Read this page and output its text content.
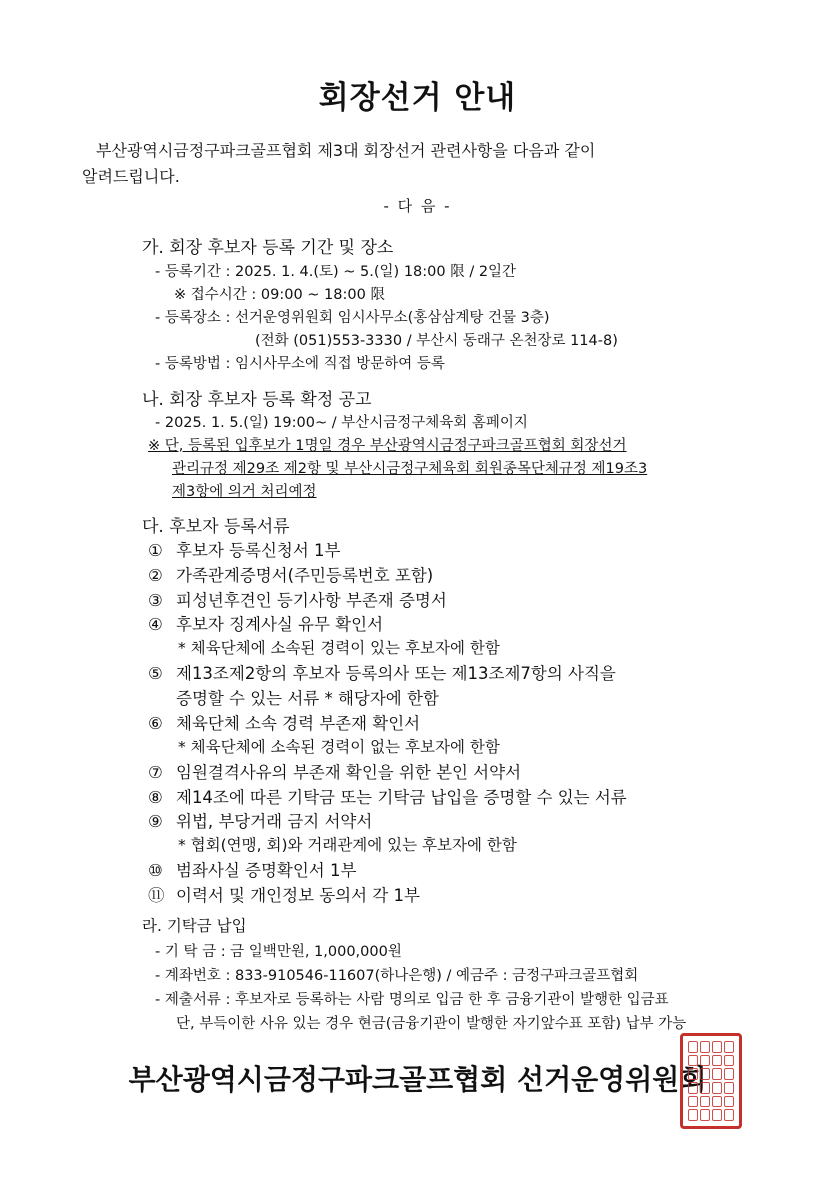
회장선거 안내
부산광역시금정구파크골프협회 제3대 회장선거 관련사항을 다음과 같이
알려드립니다.
- 다 음 -
가. 회장 후보자 등록 기간 및 장소
- 등록기간 : 2025. 1. 4.(토) ~ 5.(일) 18:00 限 / 2일간
※ 접수시간 : 09:00 ~ 18:00 限
- 등록장소 : 선거운영위원회 임시사무소(홍삼삼계탕 건물 3층)
(전화 (051)553-3330 / 부산시 동래구 온천장로 114-8)
- 등록방법 : 임시사무소에 직접 방문하여 등록
나. 회장 후보자 등록 확정 공고
- 2025. 1. 5.(일) 19:00~ / 부산시금정구체육회 홈페이지
※ 단, 등록된 입후보가 1명일 경우 부산광역시금정구파크골프협회 회장선거
관리규정 제29조 제2항 및 부산시금정구체육회 회원종목단체규정 제19조3
제3항에 의거 처리예정
다. 후보자 등록서류
① 후보자 등록신청서 1부
② 가족관계증명서(주민등록번호 포함)
③ 피성년후견인 등기사항 부존재 증명서
④ 후보자 징계사실 유무 확인서
* 체육단체에 소속된 경력이 있는 후보자에 한함
⑤ 제13조제2항의 후보자 등록의사 또는 제13조제7항의 사직을
증명할 수 있는 서류 * 해당자에 한함
⑥ 체육단체 소속 경력 부존재 확인서
* 체육단체에 소속된 경력이 없는 후보자에 한함
⑦ 임원결격사유의 부존재 확인을 위한 본인 서약서
⑧ 제14조에 따른 기탁금 또는 기탁금 납입을 증명할 수 있는 서류
⑨ 위법, 부당거래 금지 서약서
* 협회(연맹, 회)와 거래관계에 있는 후보자에 한함
⑩ 범좌사실 증명확인서 1부
⑪ 이력서 및 개인정보 동의서 각 1부
라. 기탁금 납입
- 기 탁 금 : 금 일백만원, 1,000,000원
- 계좌번호 : 833-910546-11607(하나은행) / 예금주 : 금정구파크골프협회
- 제출서류 : 후보자로 등록하는 사람 명의로 입금 한 후 금융기관이 발행한 입금표
단, 부득이한 사유 있는 경우 현금(금융기관이 발행한 자기앞수표 포함) 납부 가능
부산광역시금정구파크골프협회 선거운영위원회
